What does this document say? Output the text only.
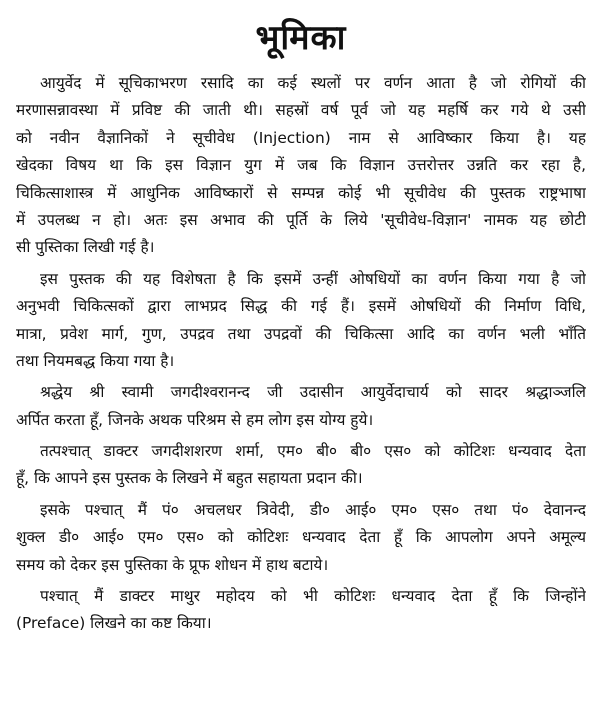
भूमिका
आयुर्वेद में सूचिकाभरण रसादि का कई स्थलों पर वर्णन आता है जो रोगियों की
मरणासन्नावस्था में प्रविष्ट की जाती थी। सहस्रों वर्ष पूर्व जो यह महर्षि कर गये थे उसी
को नवीन वैज्ञानिकों ने सूचीवेध (Injection) नाम से आविष्कार किया है। यह
खेदका विषय था कि इस विज्ञान युग में जब कि विज्ञान उत्तरोत्तर उन्नति कर रहा है,
चिकित्साशास्त्र में आधुनिक आविष्कारों से सम्पन्न कोई भी सूचीवेध की पुस्तक राष्ट्रभाषा
में उपलब्ध न हो। अतः इस अभाव की पूर्ति के लिये 'सूचीवेध-विज्ञान' नामक यह छोटी
सी पुस्तिका लिखी गई है।
इस पुस्तक की यह विशेषता है कि इसमें उन्हीं ओषधियों का वर्णन किया गया है जो
अनुभवी चिकित्सकों द्वारा लाभप्रद सिद्ध की गई हैं। इसमें ओषधियों की निर्माण विधि,
मात्रा, प्रवेश मार्ग, गुण, उपद्रव तथा उपद्रवों की चिकित्सा आदि का वर्णन भली भाँति
तथा नियमबद्ध किया गया है।
श्रद्धेय श्री स्वामी जगदीश्वरानन्द जी उदासीन आयुर्वेदाचार्य को सादर श्रद्धाञ्जलि
अर्पित करता हूँ, जिनके अथक परिश्रम से हम लोग इस योग्य हुये।
तत्पश्चात् डाक्टर जगदीशशरण शर्मा, एम० बी० बी० एस० को कोटिशः धन्यवाद देता
हूँ, कि आपने इस पुस्तक के लिखने में बहुत सहायता प्रदान की।
इसके पश्चात् मैं पं० अचलधर त्रिवेदी, डी० आई० एम० एस० तथा पं० देवानन्द
शुक्ल डी० आई० एम० एस० को कोटिशः धन्यवाद देता हूँ कि आपलोग अपने अमूल्य
समय को देकर इस पुस्तिका के प्रूफ शोधन में हाथ बटाये।
पश्चात् मैं डाक्टर माथुर महोदय को भी कोटिशः धन्यवाद देता हूँ कि जिन्होंने
(Preface) लिखने का कष्ट किया।
